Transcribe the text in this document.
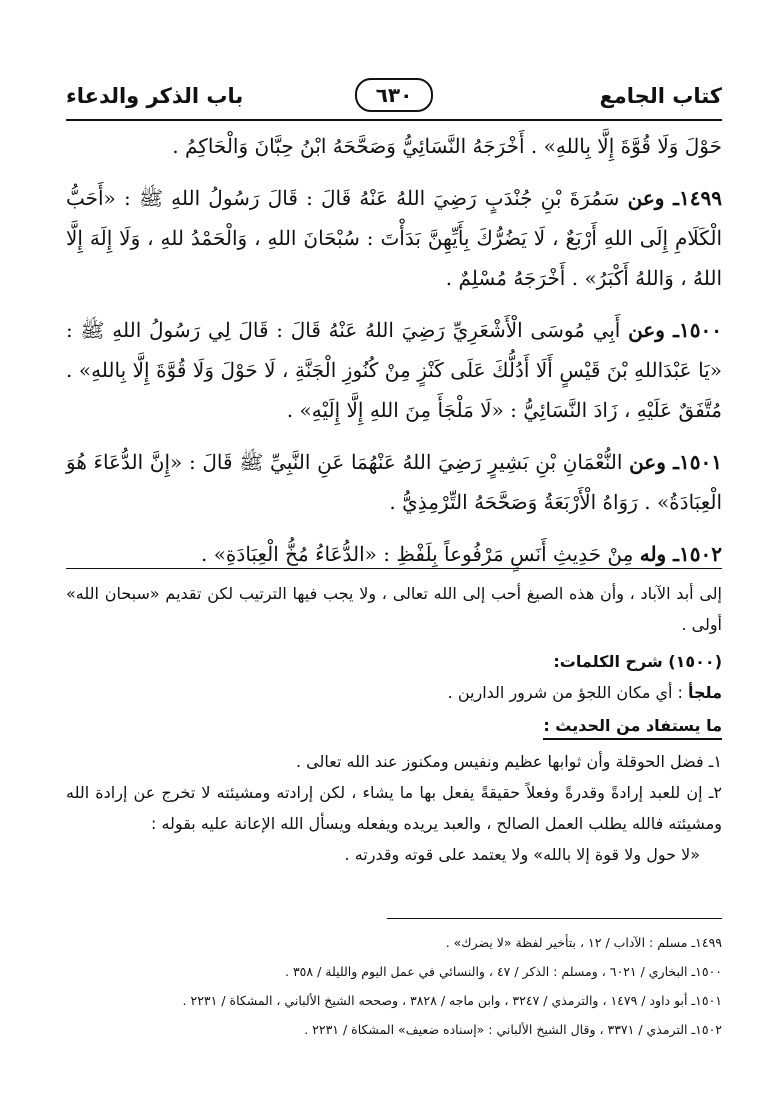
كتاب الجامع
٦٣٠
باب الذكر والدعاء

حَوْلَ وَلَا قُوَّةَ إِلَّا بِاللهِ» . أَخْرَجَهُ النَّسَائِيُّ وَصَحَّحَهُ ابْنُ حِبَّانَ وَالْحَاكِمُ .

١٤٩٩ـ وعن سَمُرَةَ بْنِ جُنْدَبٍ رَضِيَ اللهُ عَنْهُ قَالَ : قَالَ رَسُولُ اللهِ ﷺ : «أَحَبُّ الْكَلَامِ إِلَى اللهِ أَرْبَعٌ ، لَا يَضُرُّكَ بِأَيِّهِنَّ بَدَأْتَ : سُبْحَانَ اللهِ ، وَالْحَمْدُ للهِ ، وَلَا إِلَهَ إِلَّا اللهُ ، وَاللهُ أَكْبَرُ» . أَخْرَجَهُ مُسْلِمٌ .

١٥٠٠ـ وعن أَبِي مُوسَى الْأَشْعَرِيِّ رَضِيَ اللهُ عَنْهُ قَالَ : قَالَ لِي رَسُولُ اللهِ ﷺ : «يَا عَبْدَاللهِ بْنَ قَيْسٍ أَلَا أَدُلُّكَ عَلَى كَنْزٍ مِنْ كُنُوزِ الْجَنَّةِ ، لَا حَوْلَ وَلَا قُوَّةَ إِلَّا بِاللهِ» . مُتَّفَقٌ عَلَيْهِ ، زَادَ النَّسَائِيُّ : «لَا مَلْجَأَ مِنَ اللهِ إِلَّا إِلَيْهِ» .

١٥٠١ـ وعن النُّعْمَانِ بْنِ بَشِيرٍ رَضِيَ اللهُ عَنْهُمَا عَنِ النَّبِيِّ ﷺ قَالَ : «إِنَّ الدُّعَاءَ هُوَ الْعِبَادَةُ» . رَوَاهُ الْأَرْبَعَةُ وَصَحَّحَهُ التِّرْمِذِيُّ .

١٥٠٢ـ وله مِنْ حَدِيثِ أَنَسٍ مَرْفُوعاً بِلَفْظِ : «الدُّعَاءُ مُخُّ الْعِبَادَةِ» .

إلى أبد الآباد ، وأن هذه الصيغ أحب إلى الله تعالى ، ولا يجب فيها الترتيب لكن تقديم «سبحان الله» أولى .

(١٥٠٠) شرح الكلمات:
ملجأ : أي مكان اللجؤ من شرور الدارين .
ما يستفاد من الحديث :
١ـ فضل الحوقلة وأن ثوابها عظيم ونفيس ومكنوز عند الله تعالى .
٢ـ إن للعبد إرادةً وقدرةً وفعلاً حقيقةً يفعل بها ما يشاء ، لكن إرادته ومشيئته لا تخرج عن إرادة الله ومشيئته فالله يطلب العمل الصالح ، والعبد يريده ويفعله ويسأل الله الإعانة عليه بقوله :
«لا حول ولا قوة إلا بالله» ولا يعتمد على قوته وقدرته .
١٤٩٩ـ مسلم : الآداب / ١٢ ، بتأخير لفظة «لا يضرك» .
١٥٠٠ـ البخاري / ٦٠٢١ ، ومسلم : الذكر / ٤٧ ، والنسائي في عمل اليوم والليلة / ٣٥٨ .
١٥٠١ـ أبو داود / ١٤٧٩ ، والترمذي / ٣٢٤٧ ، وابن ماجه / ٣٨٢٨ ، وصححه الشيخ الألباني ، المشكاة / ٢٢٣١ .
١٥٠٢ـ الترمذي / ٣٣٧١ ، وقال الشيخ الألباني : «إسناده ضعيف» المشكاة / ٢٢٣١ .
